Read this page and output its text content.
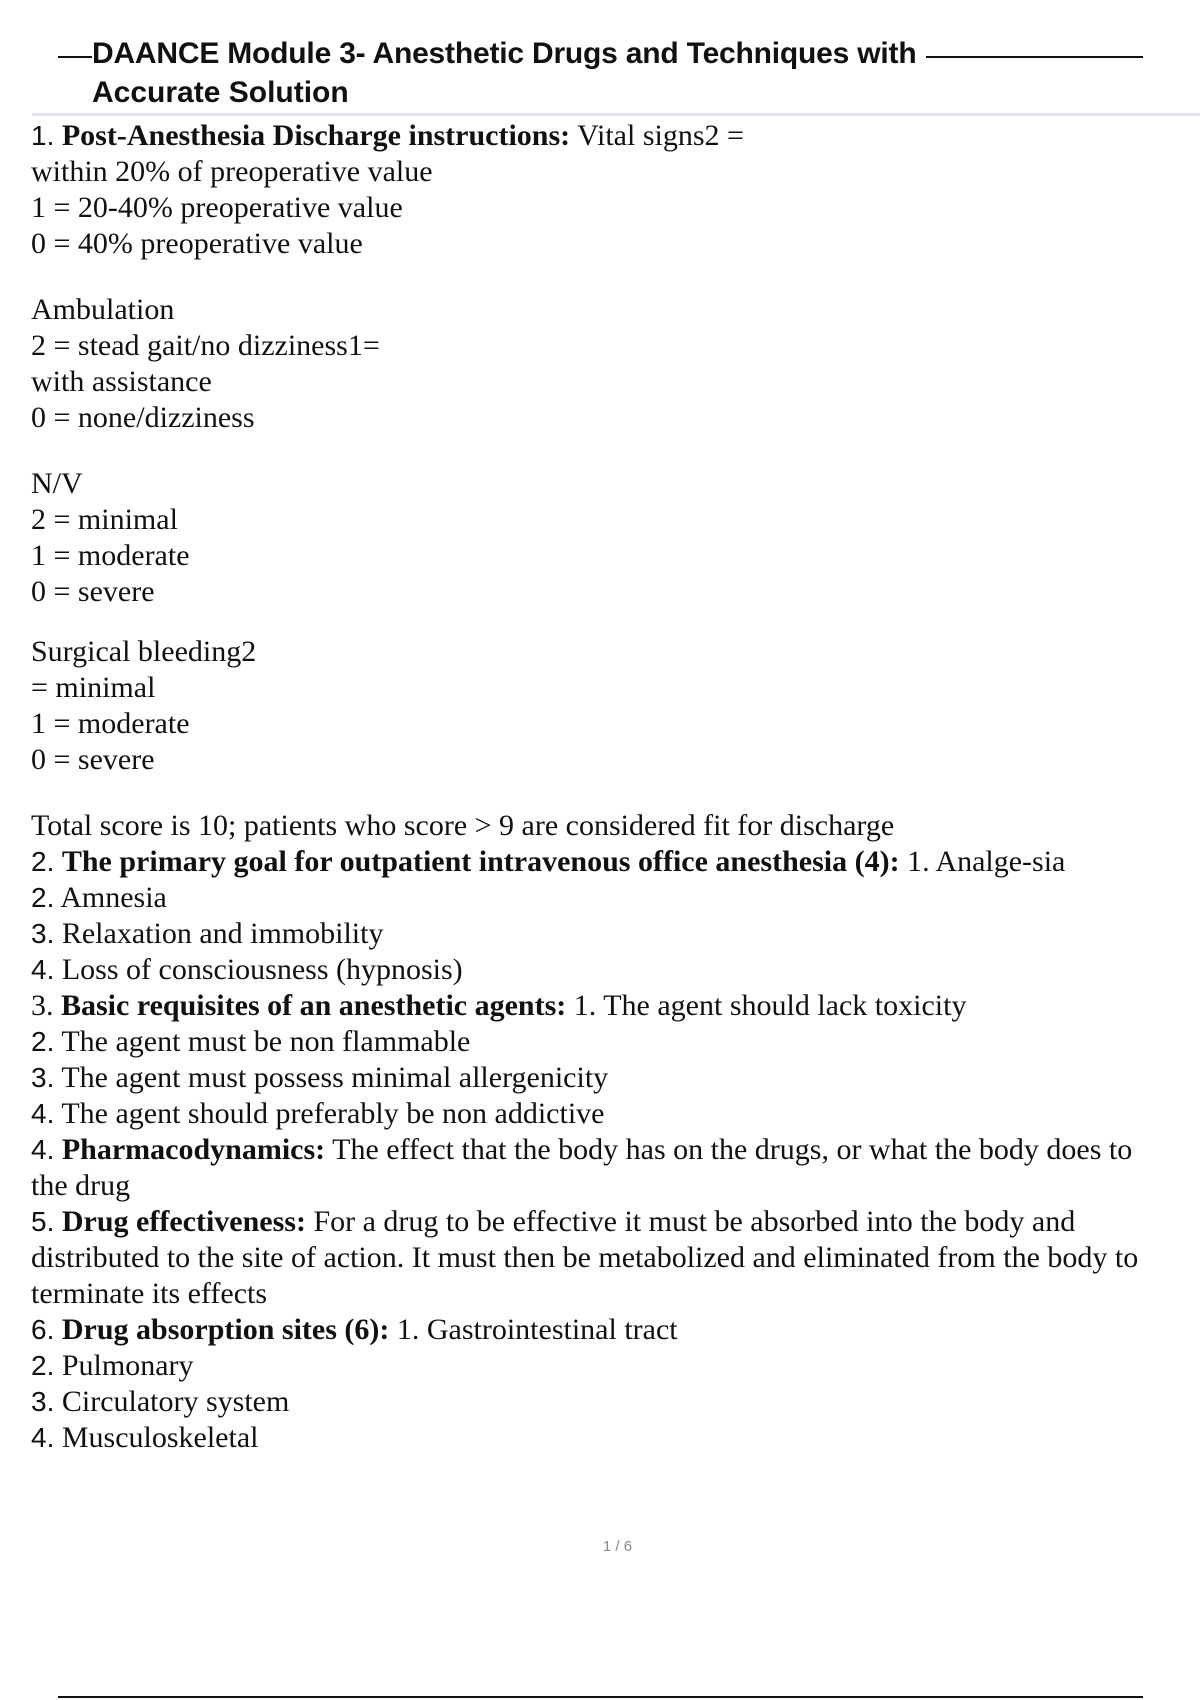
DAANCE Module 3- Anesthetic Drugs and Techniques with
Accurate Solution
1. Post-Anesthesia Discharge instructions: Vital signs2 =
within 20% of preoperative value
1 = 20-40% preoperative value
0 = 40% preoperative value
Ambulation
2 = stead gait/no dizziness1=
with assistance
0 = none/dizziness
N/V
2 = minimal
1 = moderate
0 = severe
Surgical bleeding2
= minimal
1 = moderate
0 = severe
Total score is 10; patients who score > 9 are considered fit for discharge
2. The primary goal for outpatient intravenous office anesthesia (4): 1. Analge-sia
2. Amnesia
3. Relaxation and immobility
4. Loss of consciousness (hypnosis)
3. Basic requisites of an anesthetic agents: 1. The agent should lack toxicity
2. The agent must be non flammable
3. The agent must possess minimal allergenicity
4. The agent should preferably be non addictive
4. Pharmacodynamics: The effect that the body has on the drugs, or what the body does to
the drug
5. Drug effectiveness: For a drug to be effective it must be absorbed into the body and
distributed to the site of action. It must then be metabolized and eliminated from the body to
terminate its effects
6. Drug absorption sites (6): 1. Gastrointestinal tract
2. Pulmonary
3. Circulatory system
4. Musculoskeletal
1 / 6
